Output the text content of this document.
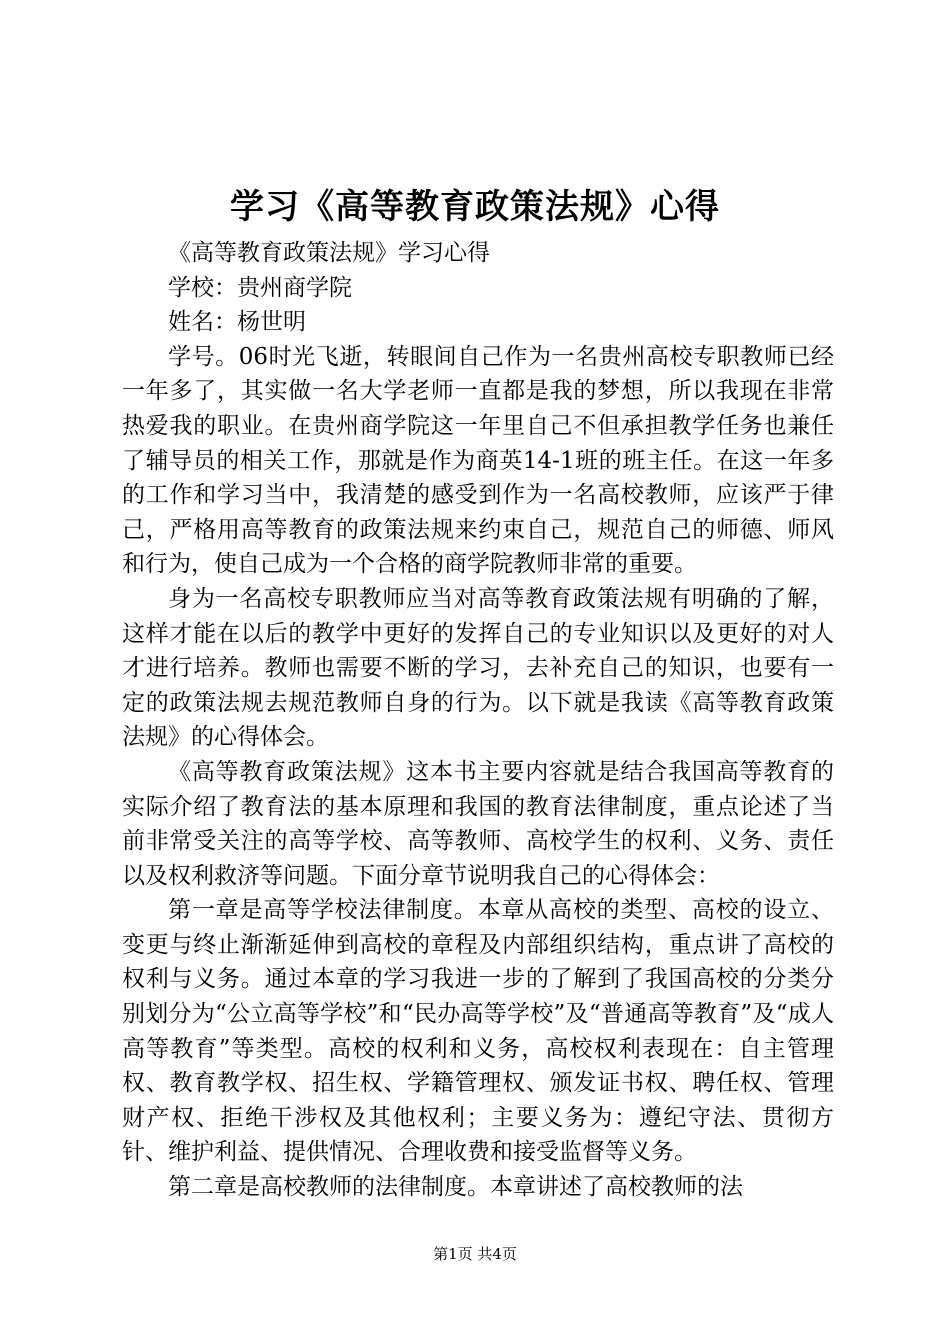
学习《高等教育政策法规》心得

《高等教育政策法规》学习心得

学校：贵州商学院

姓名：杨世明

学号。06时光飞逝，转眼间自己作为一名贵州高校专职教师已经一年多了，其实做一名大学老师一直都是我的梦想，所以我现在非常热爱我的职业。在贵州商学院这一年里自己不但承担教学任务也兼任了辅导员的相关工作，那就是作为商英14-1班的班主任。在这一年多的工作和学习当中，我清楚的感受到作为一名高校教师，应该严于律己，严格用高等教育的政策法规来约束自己，规范自己的师德、师风和行为，使自己成为一个合格的商学院教师非常的重要。

身为一名高校专职教师应当对高等教育政策法规有明确的了解，这样才能在以后的教学中更好的发挥自己的专业知识以及更好的对人才进行培养。教师也需要不断的学习，去补充自己的知识，也要有一定的政策法规去规范教师自身的行为。以下就是我读《高等教育政策法规》的心得体会。

《高等教育政策法规》这本书主要内容就是结合我国高等教育的实际介绍了教育法的基本原理和我国的教育法律制度，重点论述了当前非常受关注的高等学校、高等教师、高校学生的权利、义务、责任以及权利救济等问题。下面分章节说明我自己的心得体会：

第一章是高等学校法律制度。本章从高校的类型、高校的设立、变更与终止渐渐延伸到高校的章程及内部组织结构，重点讲了高校的权利与义务。通过本章的学习我进一步的了解到了我国高校的分类分别划分为“公立高等学校”和“民办高等学校”及“普通高等教育”及“成人高等教育”等类型。高校的权利和义务，高校权利表现在：自主管理权、教育教学权、招生权、学籍管理权、颁发证书权、聘任权、管理财产权、拒绝干涉权及其他权利；主要义务为：遵纪守法、贯彻方针、维护利益、提供情况、合理收费和接受监督等义务。

第二章是高校教师的法律制度。本章讲述了高校教师的法

第1页 共4页
